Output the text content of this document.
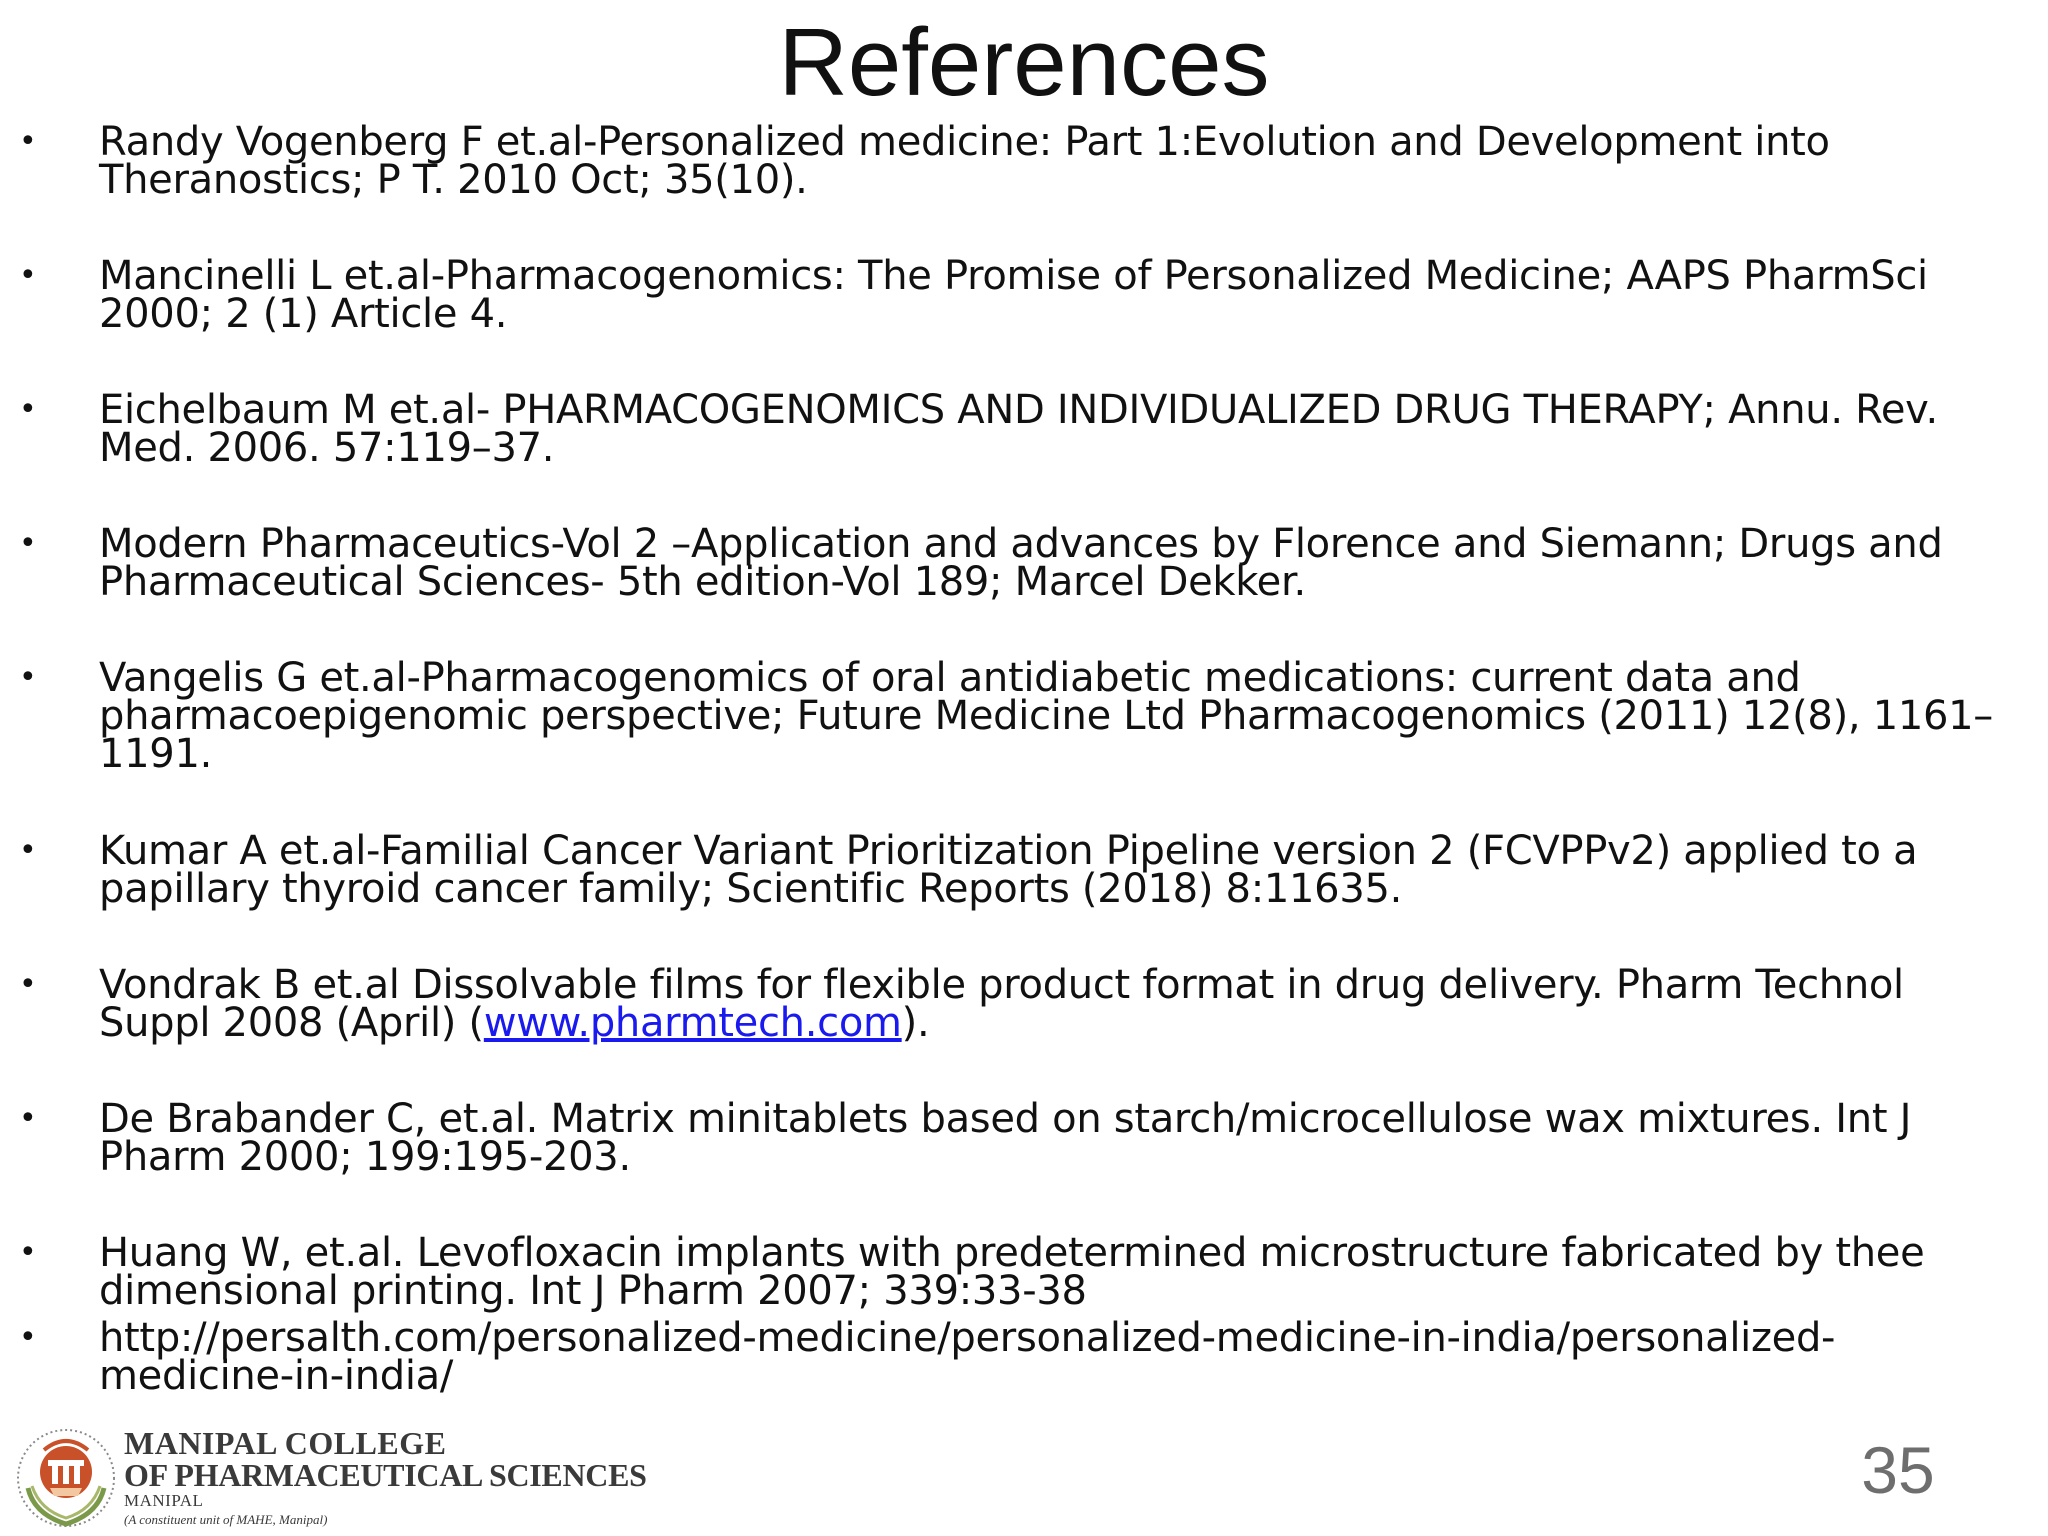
References
• Randy Vogenberg F et.al-Personalized medicine: Part 1:Evolution and Development into
Theranostics; P T. 2010 Oct; 35(10).
• Mancinelli L et.al-Pharmacogenomics: The Promise of Personalized Medicine; AAPS PharmSci
2000; 2 (1) Article 4.
• Eichelbaum M et.al- PHARMACOGENOMICS AND INDIVIDUALIZED DRUG THERAPY; Annu. Rev.
Med. 2006. 57:119–37.
• Modern Pharmaceutics-Vol 2 –Application and advances by Florence and Siemann; Drugs and
Pharmaceutical Sciences- 5th edition-Vol 189; Marcel Dekker.
• Vangelis G et.al-Pharmacogenomics of oral antidiabetic medications: current data and
pharmacoepigenomic perspective; Future Medicine Ltd Pharmacogenomics (2011) 12(8), 1161–
1191.
• Kumar A et.al-Familial Cancer Variant Prioritization Pipeline version 2 (FCVPPv2) applied to a
papillary thyroid cancer family; Scientific Reports (2018) 8:11635.
• Vondrak B et.al Dissolvable films for flexible product format in drug delivery. Pharm Technol
Suppl 2008 (April) (www.pharmtech.com).
• De Brabander C, et.al. Matrix minitablets based on starch/microcellulose wax mixtures. Int J
Pharm 2000; 199:195-203.
• Huang W, et.al. Levofloxacin implants with predetermined microstructure fabricated by thee
dimensional printing. Int J Pharm 2007; 339:33-38
• http://persalth.com/personalized-medicine/personalized-medicine-in-india/personalized-
medicine-in-india/
MANIPAL COLLEGE
OF PHARMACEUTICAL SCIENCES
MANIPAL
(A constituent unit of MAHE, Manipal)
35
